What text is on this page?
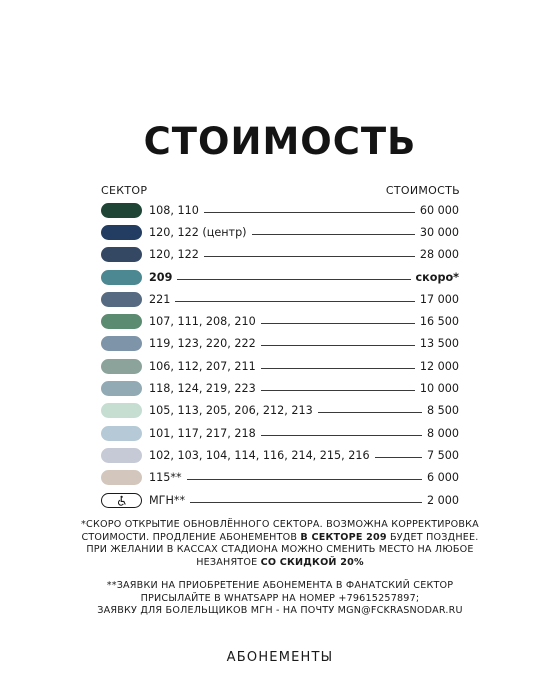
СТОИМОСТЬ
СЕКТОР	СТОИМОСТЬ
108, 110	60 000
120, 122 (центр)	30 000
120, 122	28 000
209	скоро*
221	17 000
107, 111, 208, 210	16 500
119, 123, 220, 222	13 500
106, 112, 207, 211	12 000
118, 124, 219, 223	10 000
105, 113, 205, 206, 212, 213	8 500
101, 117, 217, 218	8 000
102, 103, 104, 114, 116, 214, 215, 216	7 500
115**	6 000
МГН**	2 000

*СКОРО ОТКРЫТИЕ ОБНОВЛЁННОГО СЕКТОРА. ВОЗМОЖНА КОРРЕКТИРОВКА

СТОИМОСТИ. ПРОДЛЕНИЕ АБОНЕМЕНТОВ В СЕКТОРЕ 209 БУДЕТ ПОЗДНЕЕ.

ПРИ ЖЕЛАНИИ В КАССАХ СТАДИОНА МОЖНО СМЕНИТЬ МЕСТО НА ЛЮБОЕ

НЕЗАНЯТОЕ СО СКИДКОЙ 20%

**ЗАЯВКИ НА ПРИОБРЕТЕНИЕ АБОНЕМЕНТА В ФАНАТСКИЙ СЕКТОР

ПРИСЫЛАЙТЕ В WHATSAPP НА НОМЕР +79615257897;

ЗАЯВКУ ДЛЯ БОЛЕЛЬЩИКОВ МГН - НА ПОЧТУ MGN@FCKRASNODAR.RU

АБОНЕМЕНТЫ
